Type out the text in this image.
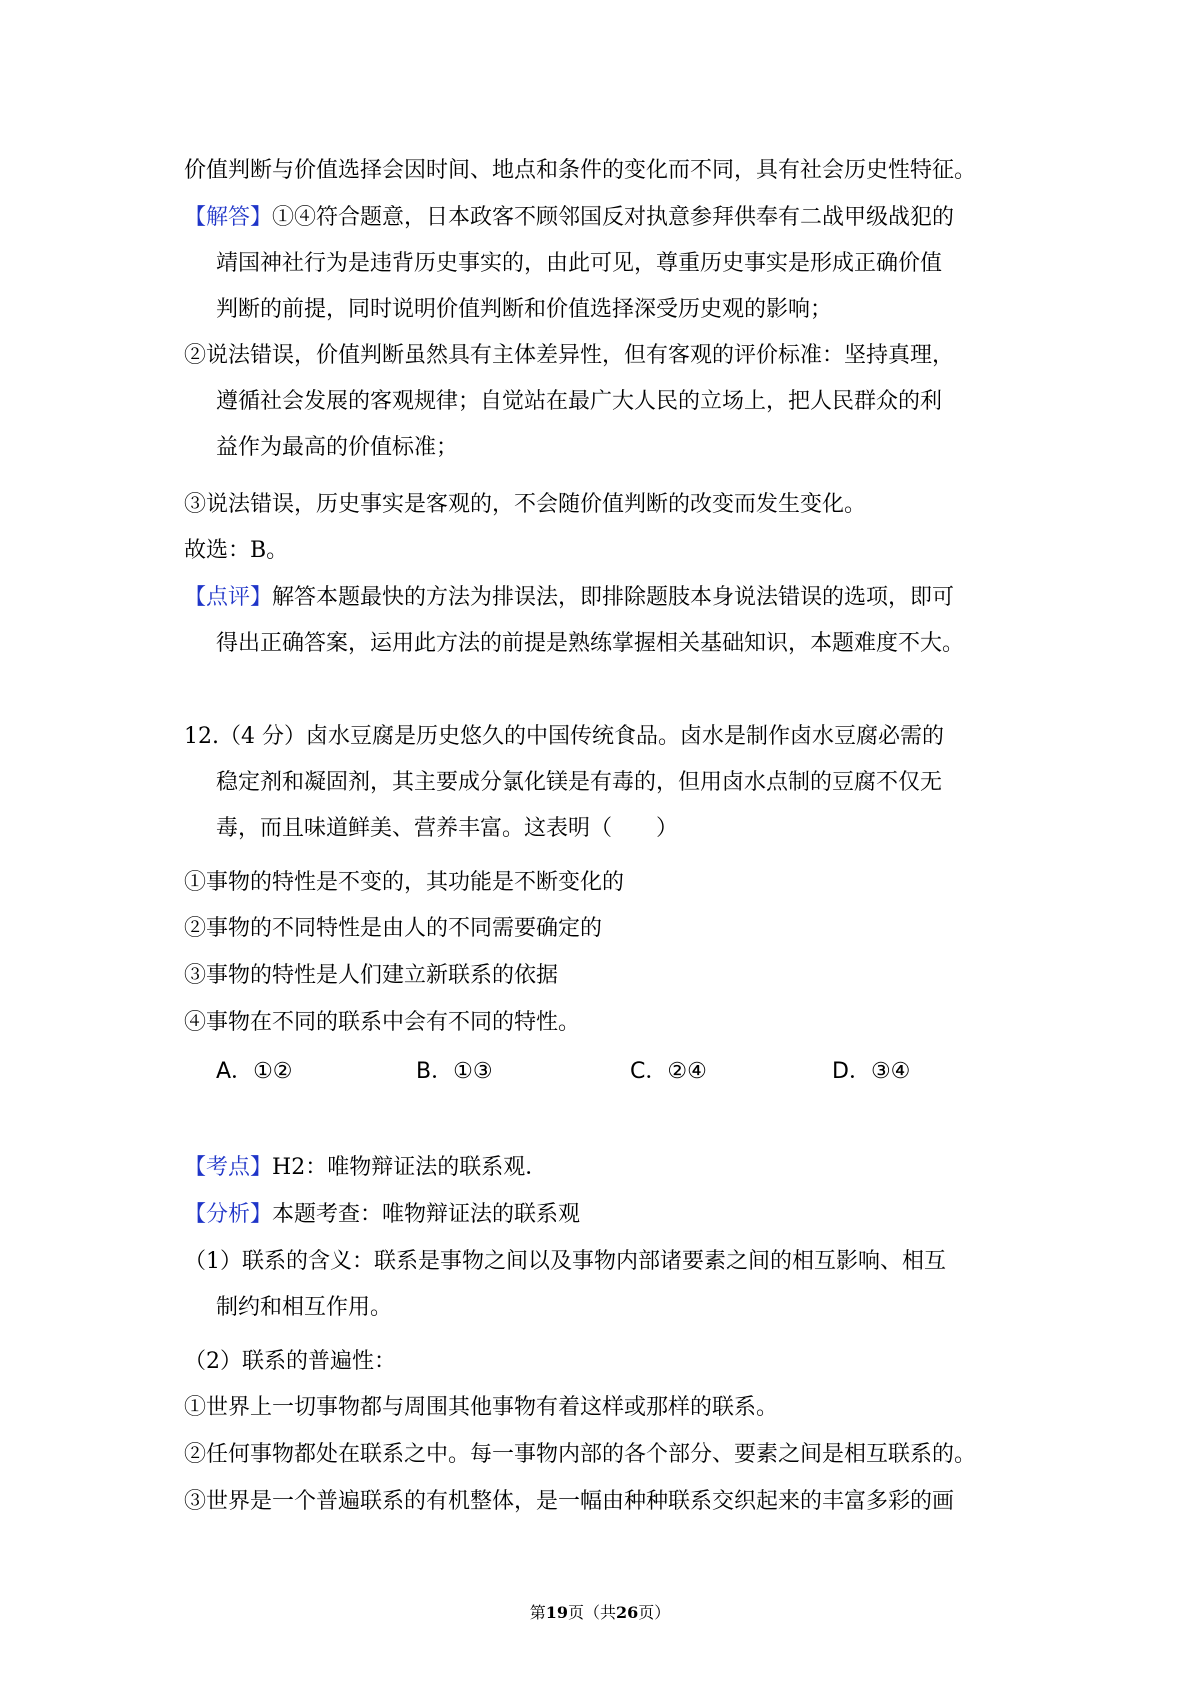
价值判断与价值选择会因时间、地点和条件的变化而不同，具有社会历史性特征。
【解答】①④符合题意，日本政客不顾邻国反对执意参拜供奉有二战甲级战犯的
靖国神社行为是违背历史事实的，由此可见，尊重历史事实是形成正确价值
判断的前提，同时说明价值判断和价值选择深受历史观的影响；
②说法错误，价值判断虽然具有主体差异性，但有客观的评价标准：坚持真理，
遵循社会发展的客观规律；自觉站在最广大人民的立场上，把人民群众的利
益作为最高的价值标准；
③说法错误，历史事实是客观的，不会随价值判断的改变而发生变化。
故选：B。
【点评】解答本题最快的方法为排误法，即排除题肢本身说法错误的选项，即可
得出正确答案，运用此方法的前提是熟练掌握相关基础知识，本题难度不大。
12.（4 分）卤水豆腐是历史悠久的中国传统食品。卤水是制作卤水豆腐必需的
稳定剂和凝固剂，其主要成分氯化镁是有毒的，但用卤水点制的豆腐不仅无
毒，而且味道鲜美、营养丰富。这表明（　　）
①事物的特性是不变的，其功能是不断变化的
②事物的不同特性是由人的不同需要确定的
③事物的特性是人们建立新联系的依据
④事物在不同的联系中会有不同的特性。
A．①②	B．①③	C．②④	D．③④
【考点】H2：唯物辩证法的联系观．
【分析】本题考查：唯物辩证法的联系观
（1）联系的含义：联系是事物之间以及事物内部诸要素之间的相互影响、相互
制约和相互作用。
（2）联系的普遍性：
①世界上一切事物都与周围其他事物有着这样或那样的联系。
②任何事物都处在联系之中。每一事物内部的各个部分、要素之间是相互联系的。
③世界是一个普遍联系的有机整体，是一幅由种种联系交织起来的丰富多彩的画
第19页（共26页）
